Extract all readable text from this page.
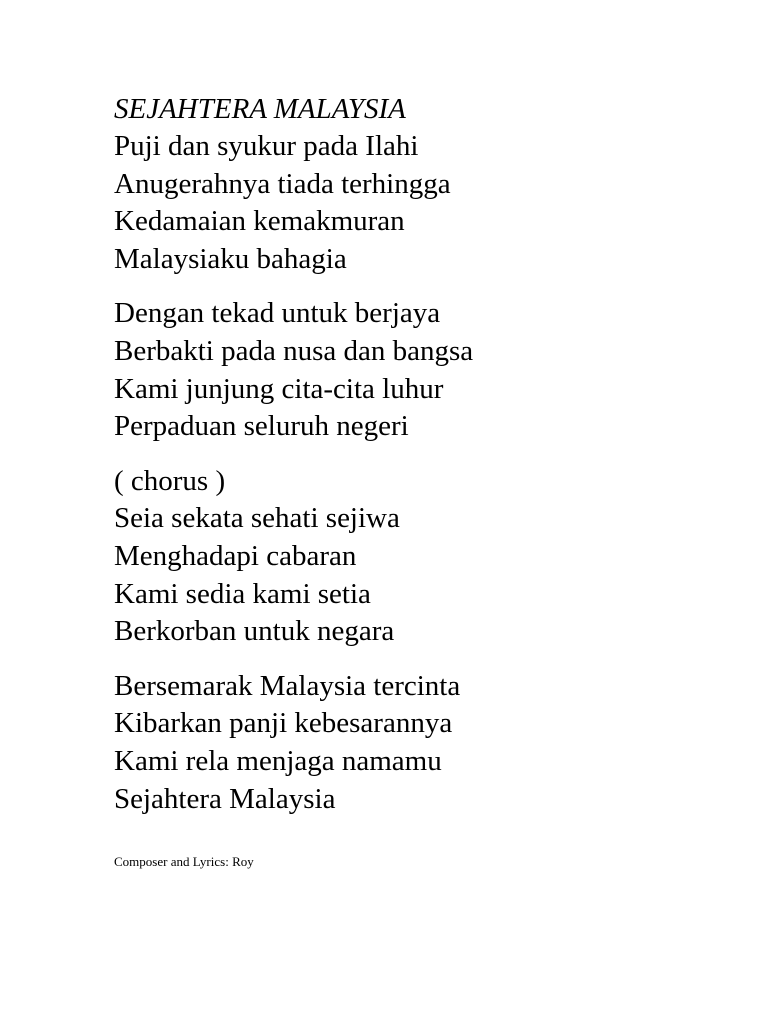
SEJAHTERA MALAYSIA

Puji dan syukur pada Ilahi

Anugerahnya tiada terhingga

Kedamaian kemakmuran

Malaysiaku bahagia

Dengan tekad untuk berjaya

Berbakti pada nusa dan bangsa

Kami junjung cita-cita luhur

Perpaduan seluruh negeri

( chorus )

Seia sekata sehati sejiwa

Menghadapi cabaran

Kami sedia kami setia

Berkorban untuk negara

Bersemarak Malaysia tercinta

Kibarkan panji kebesarannya

Kami rela menjaga namamu

Sejahtera Malaysia

Composer and Lyrics: Roy
